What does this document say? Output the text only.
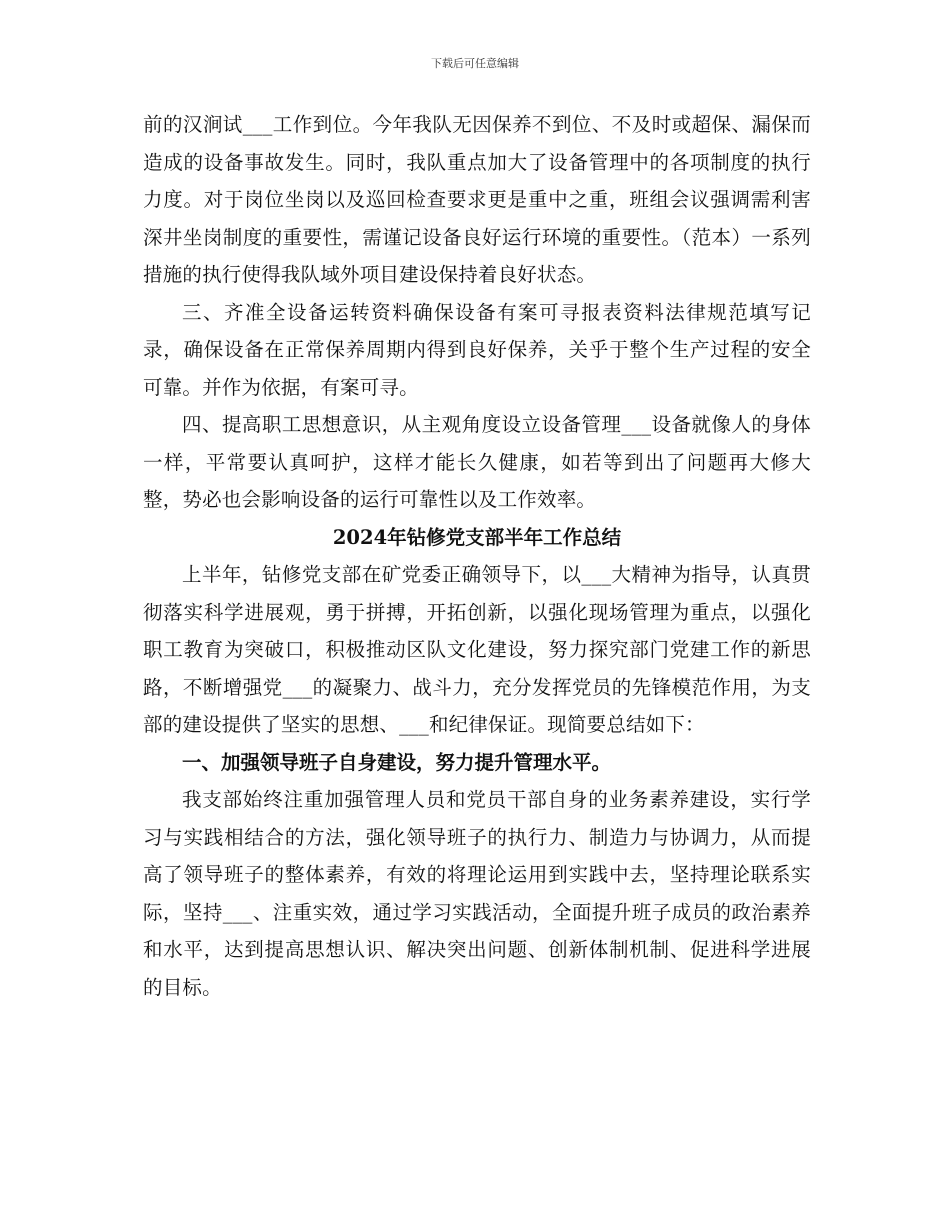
下载后可任意编辑

前的汉涧试___工作到位。今年我队无因保养不到位、不及时或超保、漏保而造成的设备事故发生。同时，我队重点加大了设备管理中的各项制度的执行力度。对于岗位坐岗以及巡回检查要求更是重中之重，班组会议强调需利害深井坐岗制度的重要性，需谨记设备良好运行环境的重要性。（范本）一系列措施的执行使得我队域外项目建设保持着良好状态。

三、齐准全设备运转资料确保设备有案可寻报表资料法律规范填写记录，确保设备在正常保养周期内得到良好保养，关乎于整个生产过程的安全可靠。并作为依据，有案可寻。

四、提高职工思想意识，从主观角度设立设备管理___设备就像人的身体一样，平常要认真呵护，这样才能长久健康，如若等到出了问题再大修大整，势必也会影响设备的运行可靠性以及工作效率。

2024年钻修党支部半年工作总结

上半年，钻修党支部在矿党委正确领导下，以___大精神为指导，认真贯彻落实科学进展观，勇于拼搏，开拓创新，以强化现场管理为重点，以强化职工教育为突破口，积极推动区队文化建设，努力探究部门党建工作的新思路，不断增强党___的凝聚力、战斗力，充分发挥党员的先锋模范作用，为支部的建设提供了坚实的思想、___和纪律保证。现简要总结如下：

一、加强领导班子自身建设，努力提升管理水平。

我支部始终注重加强管理人员和党员干部自身的业务素养建设，实行学习与实践相结合的方法，强化领导班子的执行力、制造力与协调力，从而提高了领导班子的整体素养，有效的将理论运用到实践中去，坚持理论联系实际，坚持___、注重实效，通过学习实践活动，全面提升班子成员的政治素养和水平，达到提高思想认识、解决突出问题、创新体制机制、促进科学进展的目标。
